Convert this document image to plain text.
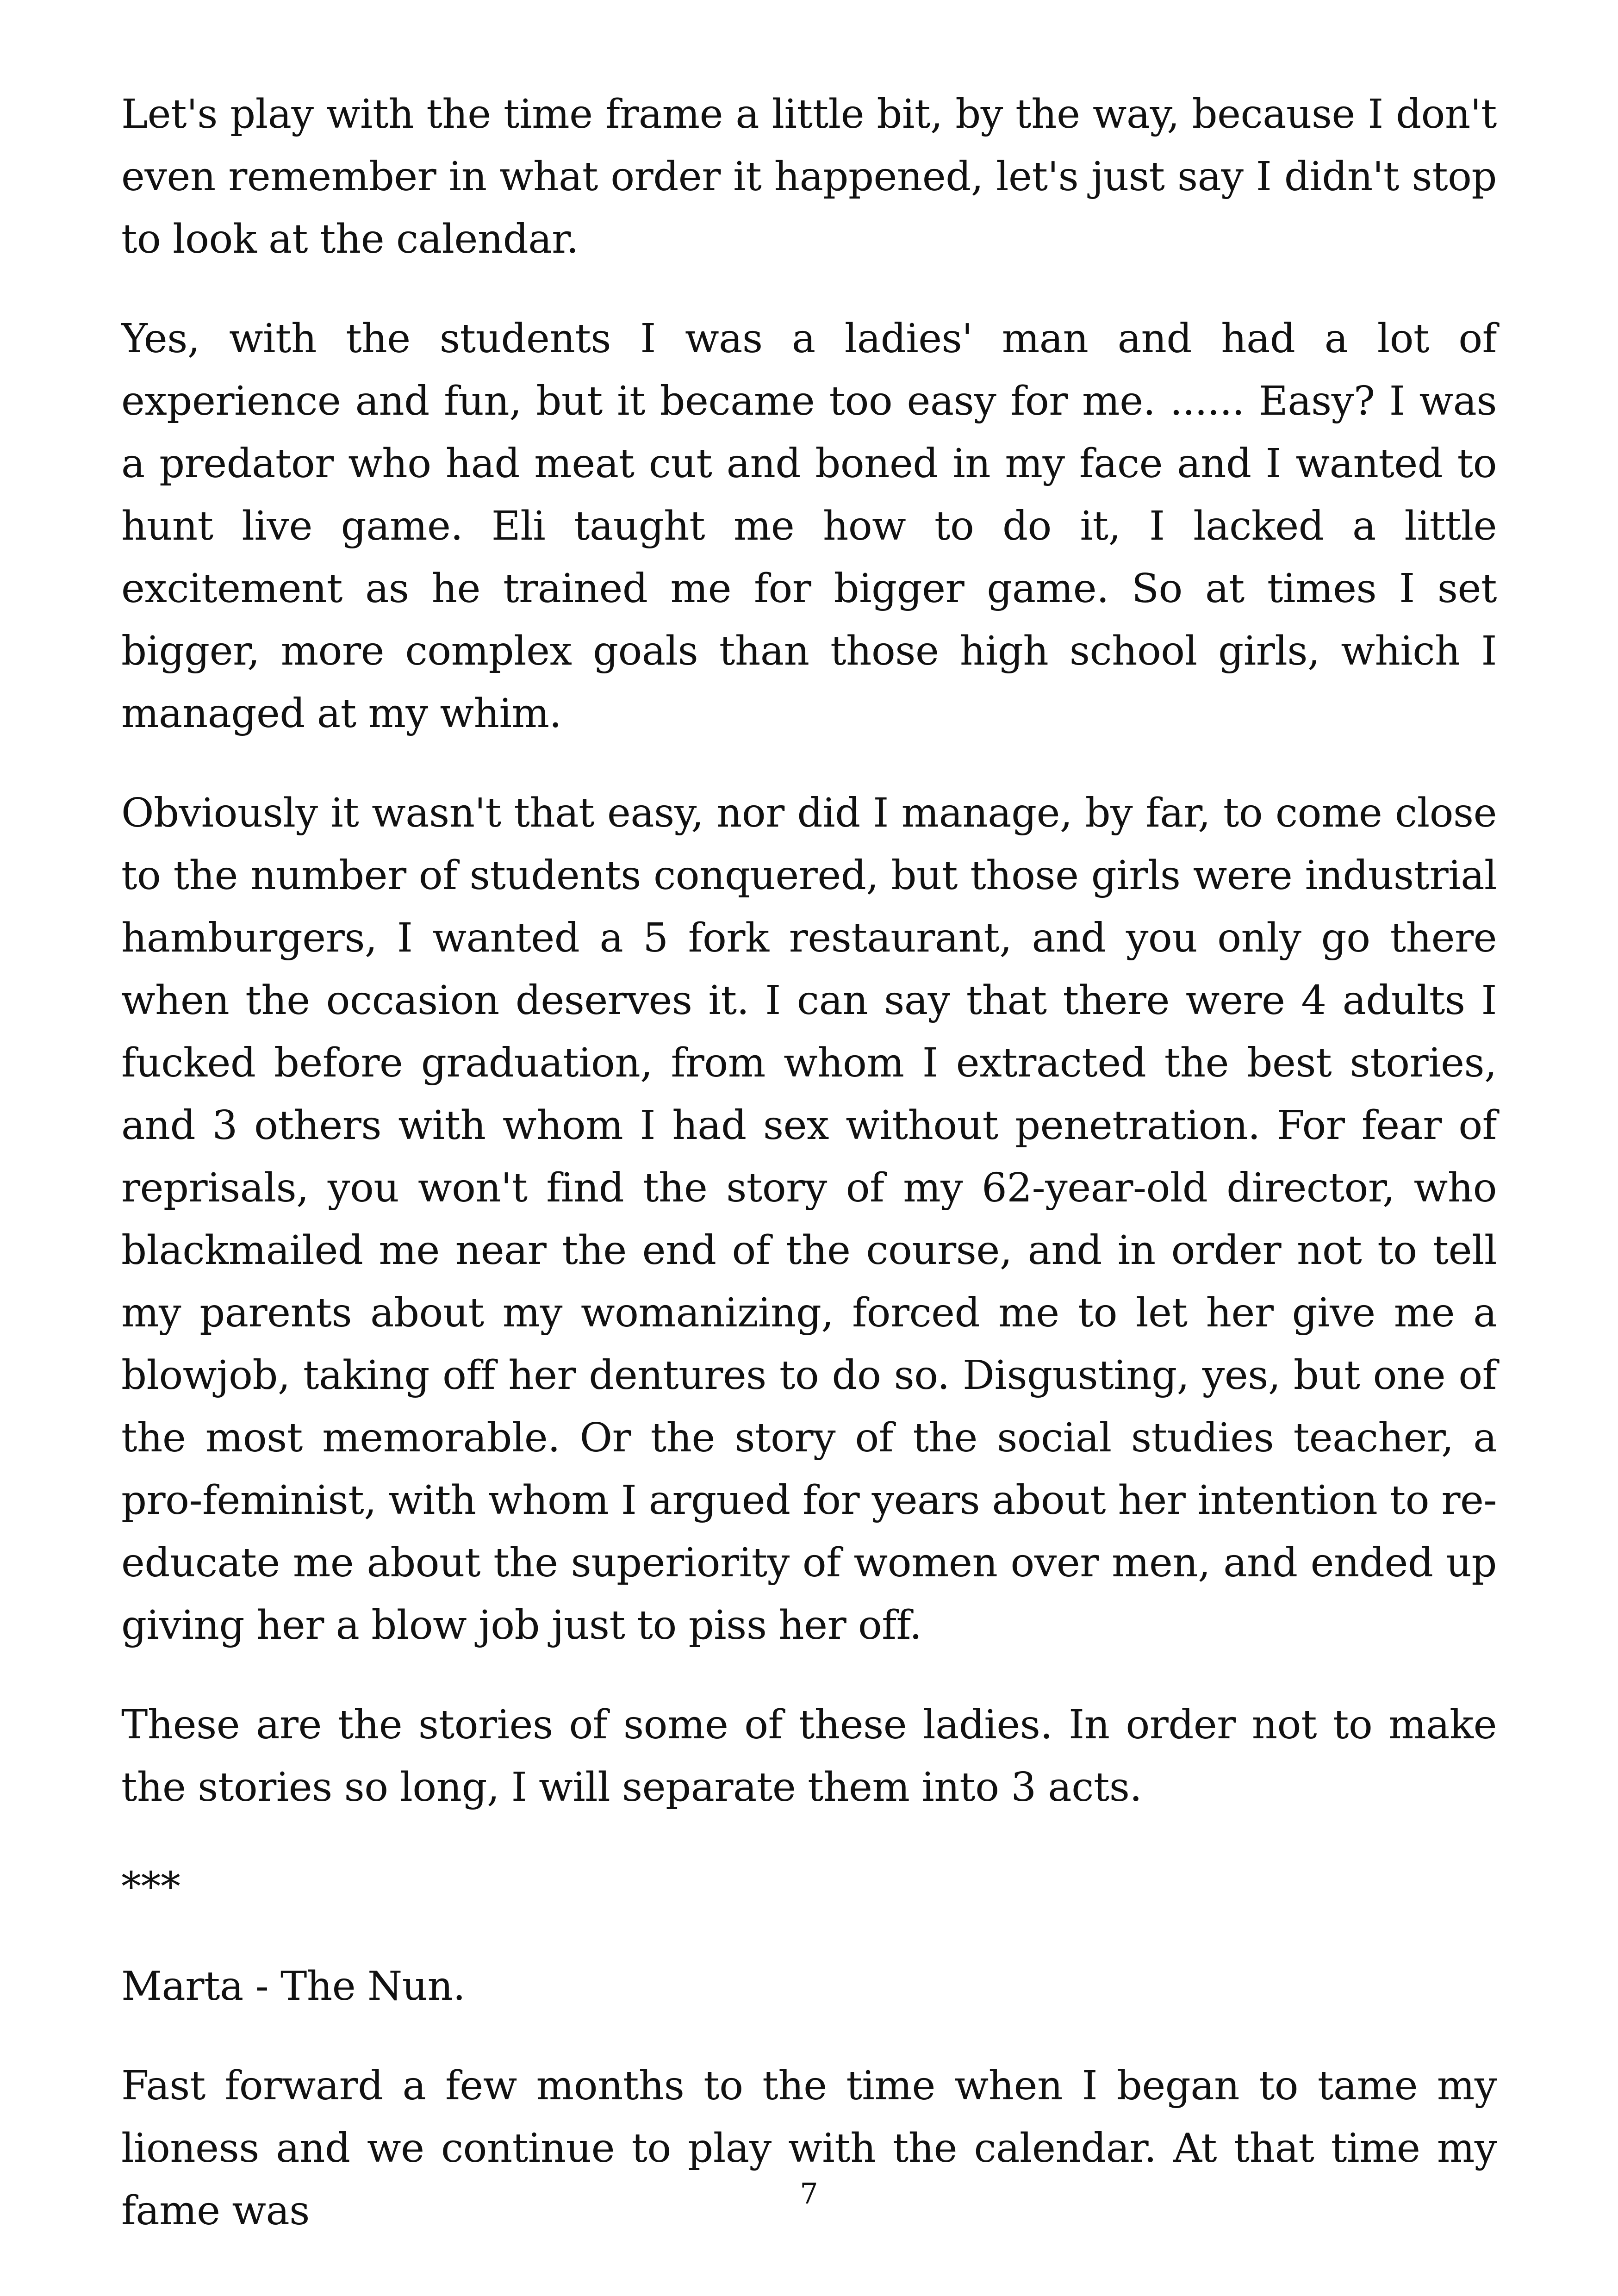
Let's play with the time frame a little bit, by the way, because I don't even remember in what order it happened, let's just say I didn't stop to look at the calendar.

Yes, with the students I was a ladies' man and had a lot of experience and fun, but it became too easy for me. ...... Easy? I was a predator who had meat cut and boned in my face and I wanted to hunt live game. Eli taught me how to do it, I lacked a little excitement as he trained me for bigger game. So at times I set bigger, more complex goals than those high school girls, which I managed at my whim.

Obviously it wasn't that easy, nor did I manage, by far, to come close to the number of students conquered, but those girls were industrial hamburgers, I wanted a 5 fork restaurant, and you only go there when the occasion deserves it. I can say that there were 4 adults I fucked before graduation, from whom I extracted the best stories, and 3 others with whom I had sex without penetration. For fear of reprisals, you won't find the story of my 62-year-old director, who blackmailed me near the end of the course, and in order not to tell my parents about my womanizing, forced me to let her give me a blowjob, taking off her dentures to do so. Disgusting, yes, but one of the most memorable. Or the story of the social studies teacher, a pro-feminist, with whom I argued for years about her intention to re-educate me about the superiority of women over men, and ended up giving her a blow job just to piss her off.

These are the stories of some of these ladies. In order not to make the stories so long, I will separate them into 3 acts.

***

Marta - The Nun.

Fast forward a few months to the time when I began to tame my lioness and we continue to play with the calendar. At that time my fame was	7
